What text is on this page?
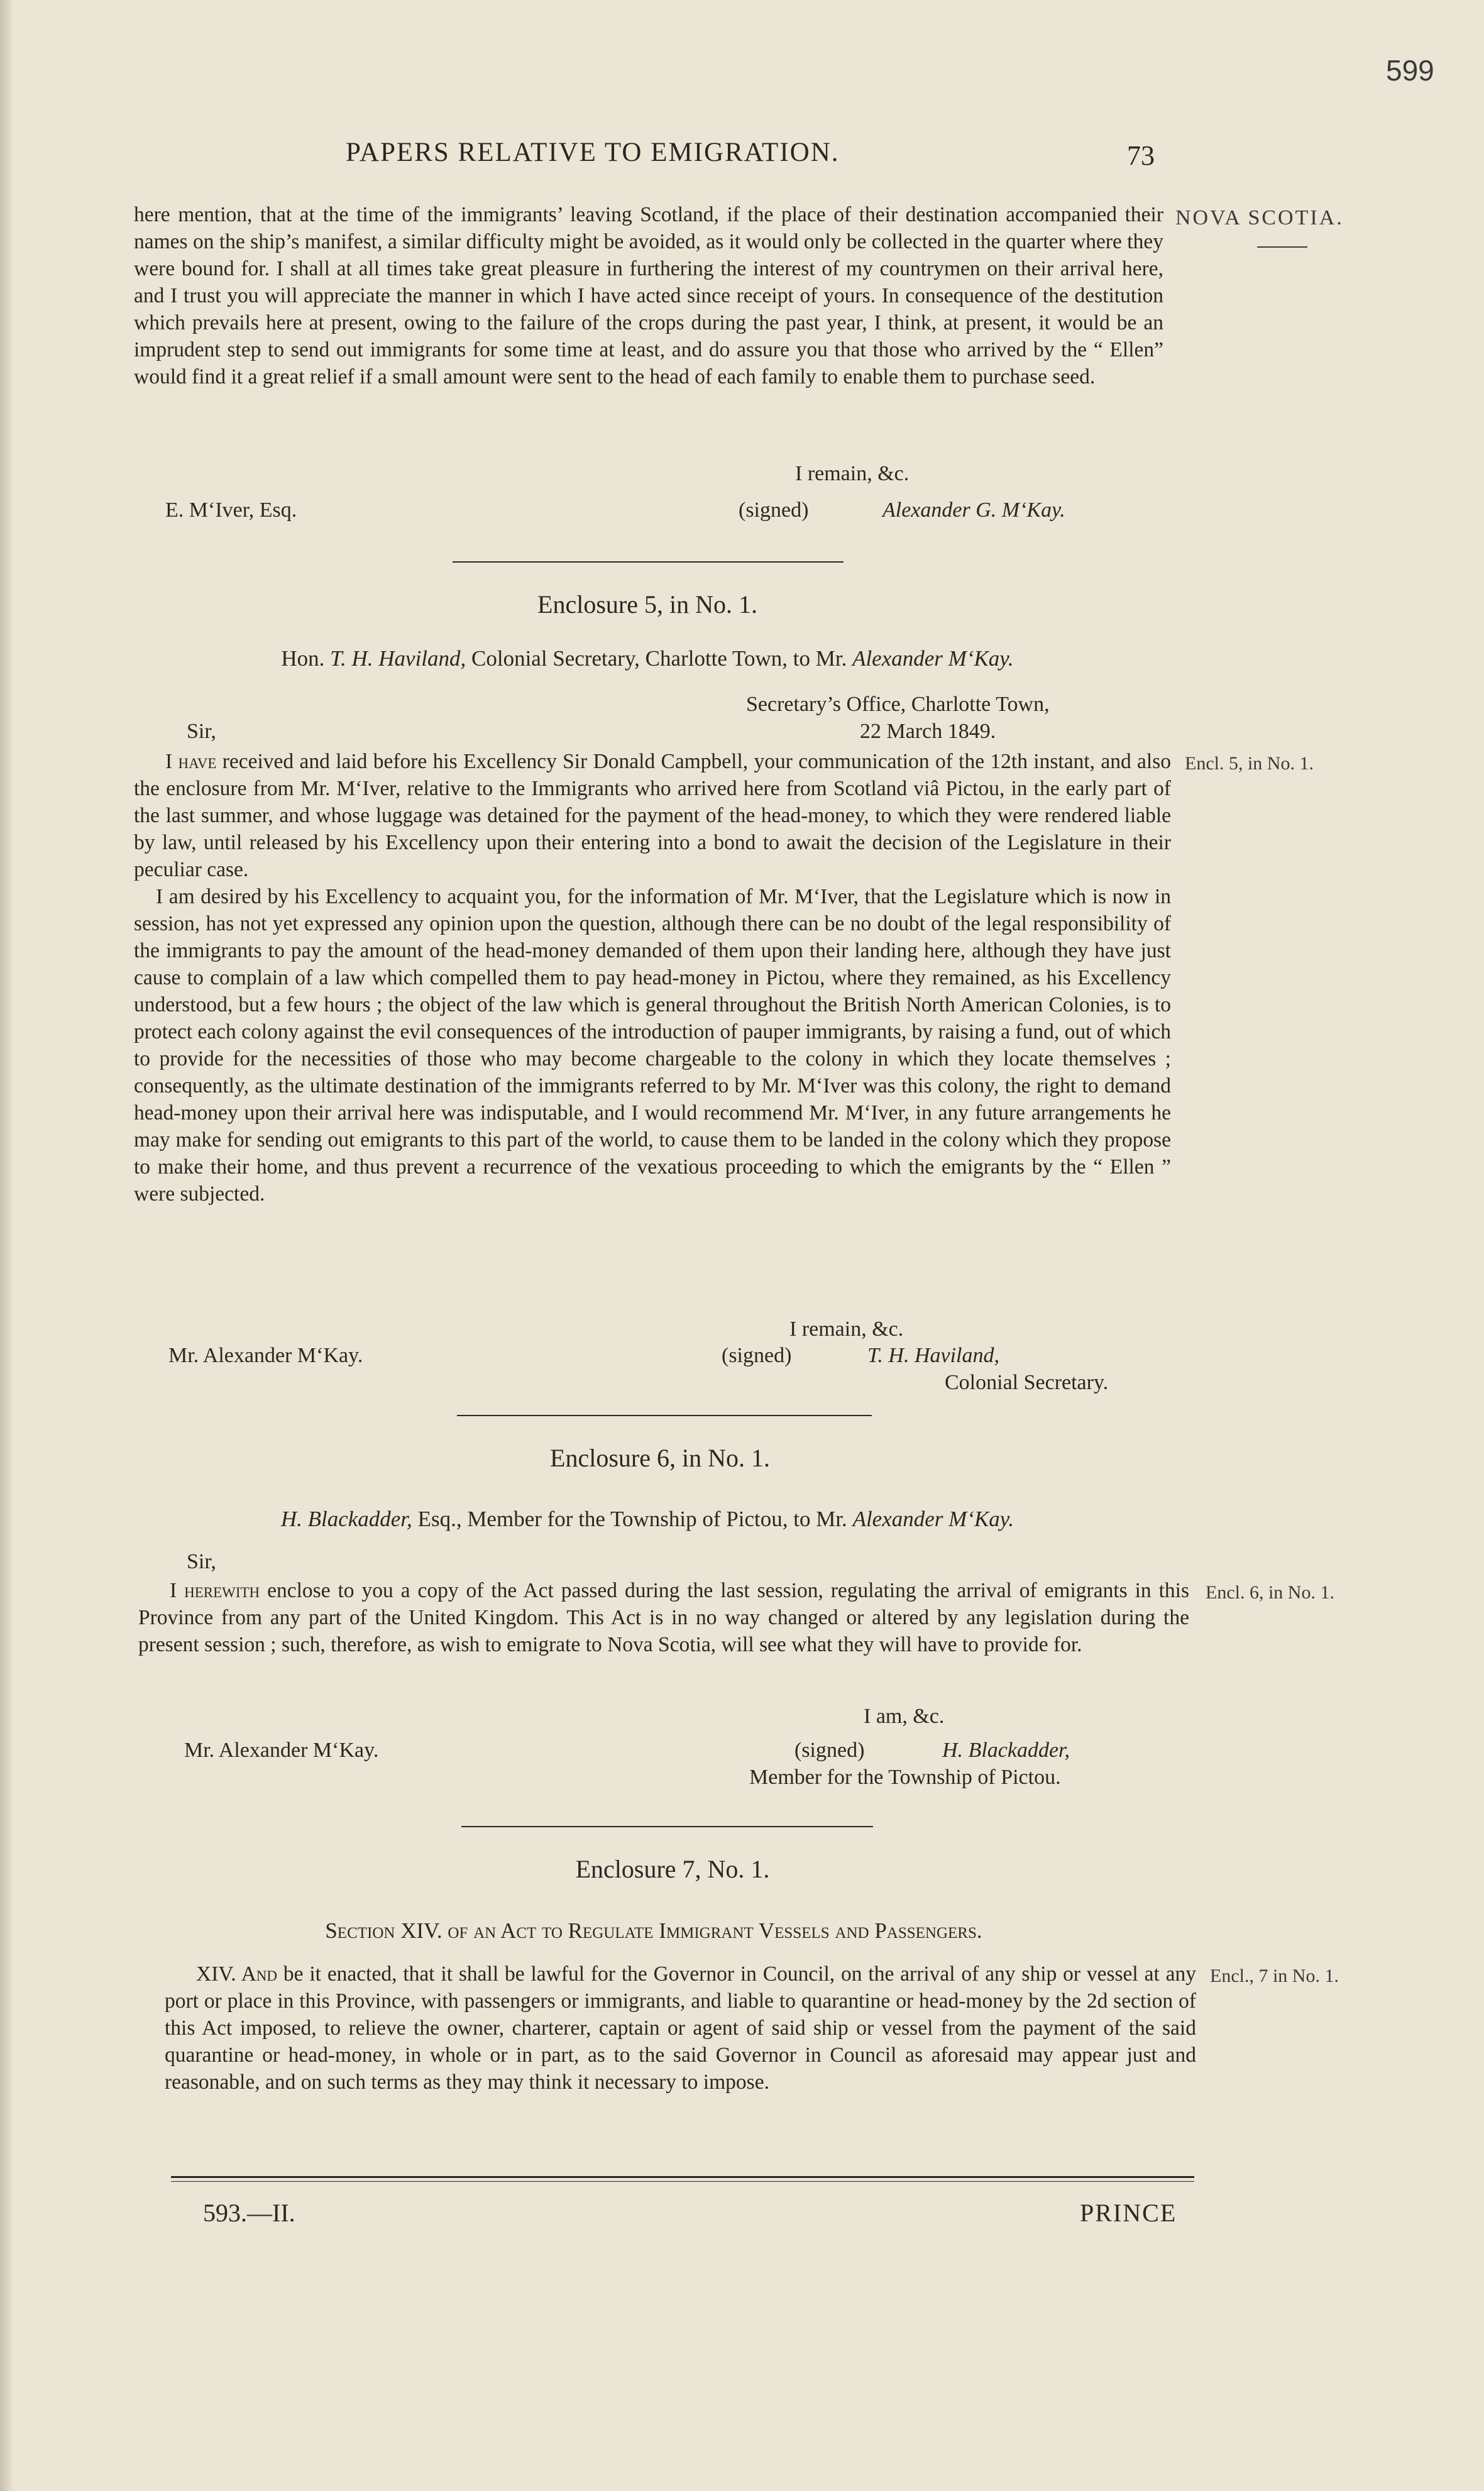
599
PAPERS RELATIVE TO EMIGRATION.	73
NOVA SCOTIA.

here mention, that at the time of the immigrants’ leaving Scotland, if the place of their destination accompanied their names on the ship’s manifest, a similar difficulty might be avoided, as it would only be collected in the quarter where they were bound for. I shall at all times take great pleasure in furthering the interest of my countrymen on their arrival here, and I trust you will appreciate the manner in which I have acted since receipt of yours. In consequence of the destitution which prevails here at present, owing to the failure of the crops during the past year, I think, at present, it would be an imprudent step to send out immigrants for some time at least, and do assure you that those who arrived by the “ Ellen” would find it a great relief if a small amount were sent to the head of each family to enable them to purchase seed.

I remain, &c.
E. M‘Iver, Esq.	(signed)	Alexander G. M‘Kay.
Enclosure 5, in No. 1.
Hon. T. H. Haviland, Colonial Secretary, Charlotte Town, to Mr. Alexander M‘Kay.
Secretary’s Office, Charlotte Town,
Sir,	22 March 1849.
Encl. 5, in No. 1.

I have received and laid before his Excellency Sir Donald Campbell, your communication of the 12th instant, and also the enclosure from Mr. M‘Iver, relative to the Immigrants who arrived here from Scotland viâ Pictou, in the early part of the last summer, and whose luggage was detained for the payment of the head-money, to which they were rendered liable by law, until released by his Excellency upon their entering into a bond to await the decision of the Legislature in their peculiar case.

I am desired by his Excellency to acquaint you, for the information of Mr. M‘Iver, that the Legislature which is now in session, has not yet expressed any opinion upon the question, although there can be no doubt of the legal responsibility of the immigrants to pay the amount of the head-money demanded of them upon their landing here, although they have just cause to complain of a law which compelled them to pay head-money in Pictou, where they remained, as his Excellency understood, but a few hours ; the object of the law which is general throughout the British North American Colonies, is to protect each colony against the evil consequences of the introduction of pauper immigrants, by raising a fund, out of which to provide for the necessities of those who may become chargeable to the colony in which they locate themselves ; consequently, as the ultimate destination of the immigrants referred to by Mr. M‘Iver was this colony, the right to demand head-money upon their arrival here was indisputable, and I would recommend Mr. M‘Iver, in any future arrangements he may make for sending out emigrants to this part of the world, to cause them to be landed in the colony which they propose to make their home, and thus prevent a recurrence of the vexatious proceeding to which the emigrants by the “ Ellen ” were subjected.

I remain, &c.
Mr. Alexander M‘Kay.	(signed)	T. H. Haviland,
Colonial Secretary.
Enclosure 6, in No. 1.
H. Blackadder, Esq., Member for the Township of Pictou, to Mr. Alexander M‘Kay.
Sir,
Encl. 6, in No. 1.

I herewith enclose to you a copy of the Act passed during the last session, regulating the arrival of emigrants in this Province from any part of the United Kingdom. This Act is in no way changed or altered by any legislation during the present session ; such, therefore, as wish to emigrate to Nova Scotia, will see what they will have to provide for.

I am, &c.
Mr. Alexander M‘Kay.	(signed)	H. Blackadder,
Member for the Township of Pictou.
Enclosure 7, No. 1.
Section XIV. of an Act to Regulate Immigrant Vessels and Passengers.
Encl., 7 in No. 1.

XIV. And be it enacted, that it shall be lawful for the Governor in Council, on the arrival of any ship or vessel at any port or place in this Province, with passengers or immigrants, and liable to quarantine or head-money by the 2d section of this Act imposed, to relieve the owner, charterer, captain or agent of said ship or vessel from the payment of the said quarantine or head-money, in whole or in part, as to the said Governor in Council as aforesaid may appear just and reasonable, and on such terms as they may think it necessary to impose.

593.—II.	PRINCE
